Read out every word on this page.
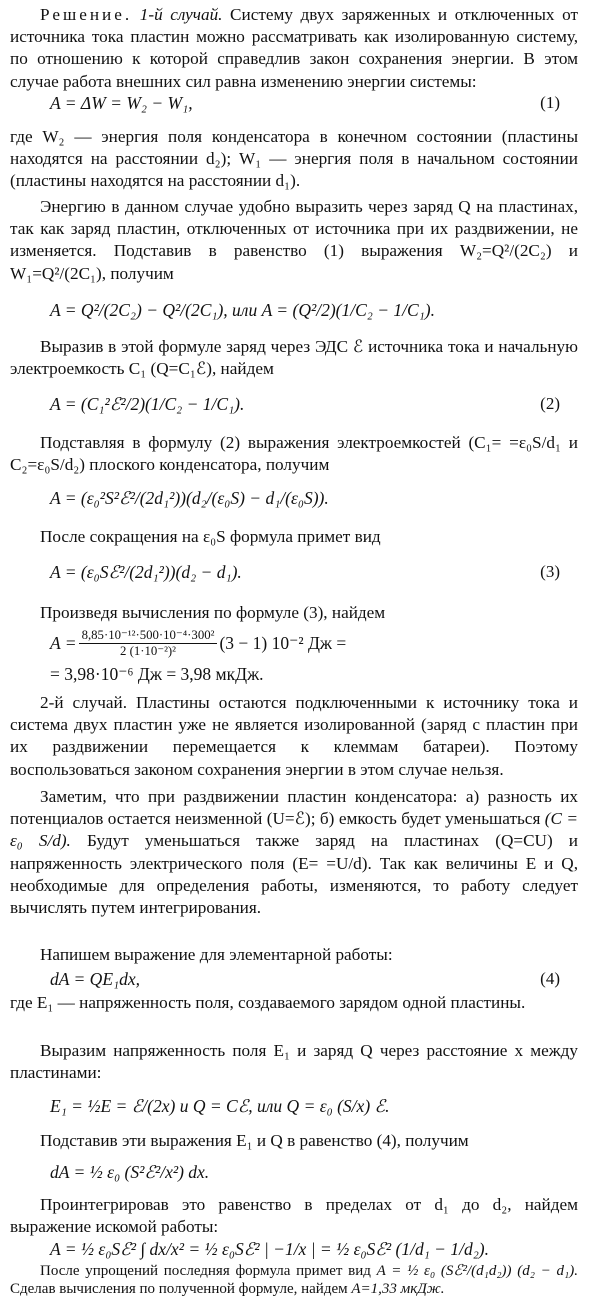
Решение. 1-й случай. Систему двух заряженных и отключенных от источника тока пластин можно рассматривать как изолированную систему, по отношению к которой справедлив закон сохранения энергии. В этом случае работа внешних сил равна изменению энергии системы:
A = ΔW = W₂ − W₁,	(1)
где W₂ — энергия поля конденсатора в конечном состоянии (пластины находятся на расстоянии d₂); W₁ — энергия поля в начальном состоянии (пластины находятся на расстоянии d₁).
Энергию в данном случае удобно выразить через заряд Q на пластинах, так как заряд пластин, отключенных от источника при их раздвижении, не изменяется. Подставив в равенство (1) выражения W₂=Q²/(2C₂) и W₁=Q²/(2C₁), получим
A = Q²/(2C₂) − Q²/(2C₁), или A = (Q²/2)(1/C₂ − 1/C₁).
Выразив в этой формуле заряд через ЭДС ℰ источника тока и начальную электроемкость C₁ (Q=C₁ℰ), найдем
A = (C₁²ℰ²/2)(1/C₂ − 1/C₁).	(2)
Подставляя в формулу (2) выражения электроемкостей (C₁= =ε₀S/d₁ и C₂=ε₀S/d₂) плоского конденсатора, получим
A = (ε₀²S²ℰ²/(2d₁²))(d₂/(ε₀S) − d₁/(ε₀S)).
После сокращения на ε₀S формула примет вид
A = (ε₀Sℰ²/(2d₁²))(d₂ − d₁).	(3)
Произведя вычисления по формуле (3), найдем
$A = \frac{\text{8,85·10⁻¹²·500·10⁻⁴·300²}}{\text{2 (1·10⁻²)²}} (3 - 1)$ 10⁻² Дж =
= 3,98·10⁻⁶ Дж = 3,98 мкДж.
2-й случай. Пластины остаются подключенными к источнику тока и система двух пластин уже не является изолированной (заряд с пластин при их раздвижении перемещается к клеммам батареи). Поэтому воспользоваться законом сохранения энергии в этом случае нельзя.
Заметим, что при раздвижении пластин конденсатора: а) разность их потенциалов остается неизменной (U=ℰ); б) емкость будет уменьшаться (C = ε₀ S/d). Будут уменьшаться также заряд на пластинах (Q=CU) и напряженность электрического поля (E= =U/d). Так как величины E и Q, необходимые для определения работы, изменяются, то работу следует вычислять путем интегрирования.
Напишем выражение для элементарной работы:
dA = QE₁dx,	(4)
где E₁ — напряженность поля, создаваемого зарядом одной пластины.
Выразим напряженность поля E₁ и заряд Q через расстояние x между пластинами:
E₁ = ½E = ℰ/(2x) и Q = Cℰ, или Q = ε₀ (S/x) ℰ.
Подставив эти выражения E₁ и Q в равенство (4), получим
dA = ½ ε₀ (S²ℰ²/x²) dx.
Проинтегрировав это равенство в пределах от d₁ до d₂, найдем выражение искомой работы:
A = ½ ε₀Sℰ² ∫ dx/x² = ½ ε₀Sℰ² | −1/x | = ½ ε₀Sℰ² (1/d₁ − 1/d₂).
После упрощений последняя формула примет вид A = ½ ε₀ (Sℰ²/(d₁d₂)) (d₂ − d₁). Сделав вычисления по полученной формуле, найдем A=1,33 мкДж.
